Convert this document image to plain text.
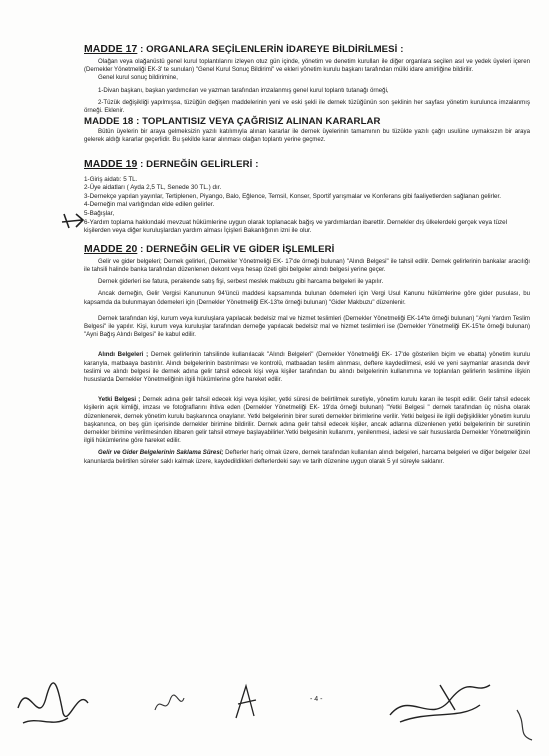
MADDE 17 : ORGANLARA SEÇİLENLERİN İDAREYE BİLDİRİLMESİ :

Olağan veya olağanüstü genel kurul toplantılarını izleyen otuz gün içinde, yönetim ve denetim kurulları ile diğer organlara seçilen asıl ve yedek üyeleri içeren (Dernekler Yönetmeliği EK-3' te sunulan) "Genel Kurul Sonuç Bildirimi" ve ekleri yönetim kurulu başkanı tarafından mülki idare amirliğine bildirilir.

Genel kurul sonuç bildirimine,

1-Divan başkanı, başkan yardımcıları ve yazman tarafından imzalanmış genel kurul toplantı tutanağı örneği,

2-Tüzük değişikliği yapılmışsa, tüzüğün değişen maddelerinin yeni ve eski şekli ile dernek tüzüğünün son şeklinin her sayfası yönetim kurulunca imzalanmış örneği. Eklenir.

MADDE 18 : TOPLANTISIZ VEYA ÇAĞRISIZ ALINAN KARARLAR

Bütün üyelerin bir araya gelmeksizin yazılı katılımıyla alınan kararlar ile dernek üyelerinin tamamının bu tüzükte yazılı çağrı usulüne uymaksızın bir araya gelerek aldığı kararlar geçerlidir. Bu şekilde karar alınması olağan toplantı yerine geçmez.

MADDE 19 : DERNEĞİN GELİRLERİ :

1-Giriş aidatı: 5 TL.

2-Üye aidatları ( Ayda 2,5 TL, Senede 30 TL.) dır.

3-Dernekçe yapılan yayınlar, Tertiplenen, Piyango, Balo, Eğlence, Temsil, Konser, Sportif yarışmalar ve Konferans gibi faaliyetlerden sağlanan gelirler.

4-Derneğin mal varlığından elde edilen gelirler.

5-Bağışlar,

6-Yardım toplama hakkındaki mevzuat hükümlerine uygun olarak toplanacak bağış ve yardımlardan ibarettir. Dernekler dış ülkelerdeki gerçek veya tüzel kişilerden veya diğer kuruluşlardan yardım alması İçişleri Bakanlığının izni ile olur.

MADDE 20 : DERNEĞİN GELİR VE GİDER İŞLEMLERİ

Gelir ve gider belgeleri; Dernek gelirleri, (Dernekler Yönetmeliği EK- 17'de örneği bulunan) "Alındı Belgesi" ile tahsil edilir. Dernek gelirlerinin bankalar aracılığı ile tahsili halinde banka tarafından düzenlenen dekont veya hesap özeti gibi belgeler alındı belgesi yerine geçer.

Dernek giderleri ise fatura, perakende satış fişi, serbest meslek makbuzu gibi harcama belgeleri ile yapılır.

Ancak derneğin, Gelir Vergisi Kanununun 94'üncü maddesi kapsamında bulunan ödemeleri için Vergi Usul Kanunu hükümlerine göre gider pusulası, bu kapsamda da bulunmayan ödemeleri için (Dernekler Yönetmeliği EK-13'te örneği bulunan) "Gider Makbuzu" düzenlenir.

Dernek tarafından kişi, kurum veya kuruluşlara yapılacak bedelsiz mal ve hizmet teslimleri (Dernekler Yönetmeliği EK-14'te örneği bulunan) "Ayni Yardım Teslim Belgesi" ile yapılır. Kişi, kurum veya kuruluşlar tarafından derneğe yapılacak bedelsiz mal ve hizmet teslimleri ise (Dernekler Yönetmeliği EK-15'te örneği bulunan) "Ayni Bağış Alındı Belgesi" ile kabul edilir.

Alındı Belgeleri ; Dernek gelirlerinin tahsilinde kullanılacak "Alındı Belgeleri" (Dernekler Yönetmeliği EK- 17'de gösterilen biçim ve ebatta) yönetim kurulu kararıyla, matbaaya bastırılır. Alındı belgelerinin bastırılması ve kontrolü, matbaadan teslim alınması, deftere kaydedilmesi, eski ve yeni saymanlar arasında devir teslimi ve alındı belgesi ile dernek adına gelir tahsil edecek kişi veya kişiler tarafından bu alındı belgelerinin kullanımına ve toplanılan gelirlerin teslimine ilişkin hususlarda Dernekler Yönetmeliğinin ilgili hükümlerine göre hareket edilir.

Yetki Belgesi ; Dernek adına gelir tahsil edecek kişi veya kişiler, yetki süresi de belirtilmek suretiyle, yönetim kurulu kararı ile tespit edilir. Gelir tahsil edecek kişilerin açık kimliği, imzası ve fotoğraflarını ihtiva eden (Dernekler Yönetmeliği EK- 19'da örneği bulunan) "Yetki Belgesi " dernek tarafından üç nüsha olarak düzenlenerek, dernek yönetim kurulu başkanınca onaylanır. Yetki belgelerinin birer sureti dernekler birimlerine verilir. Yetki belgesi ile ilgili değişiklikler yönetim kurulu başkanınca, on beş gün içerisinde dernekler birimine bildirilir. Dernek adına gelir tahsil edecek kişiler, ancak adlarına düzenlenen yetki belgelerinin bir suretinin dernekler birimine verilmesinden itibaren gelir tahsil etmeye başlayabilirler.Yetki belgesinin kullanımı, yenilenmesi, iadesi ve sair hususlarda Dernekler Yönetmeliğinin ilgili hükümlerine göre hareket edilir.

Gelir ve Gider Belgelerinin Saklama Süresi; Defterler hariç olmak üzere, dernek tarafından kullanılan alındı belgeleri, harcama belgeleri ve diğer belgeler özel kanunlarda belirtilen süreler saklı kalmak üzere, kaydedildikleri defterlerdeki sayı ve tarih düzenine uygun olarak 5 yıl süreyle saklanır.

- 4 -
